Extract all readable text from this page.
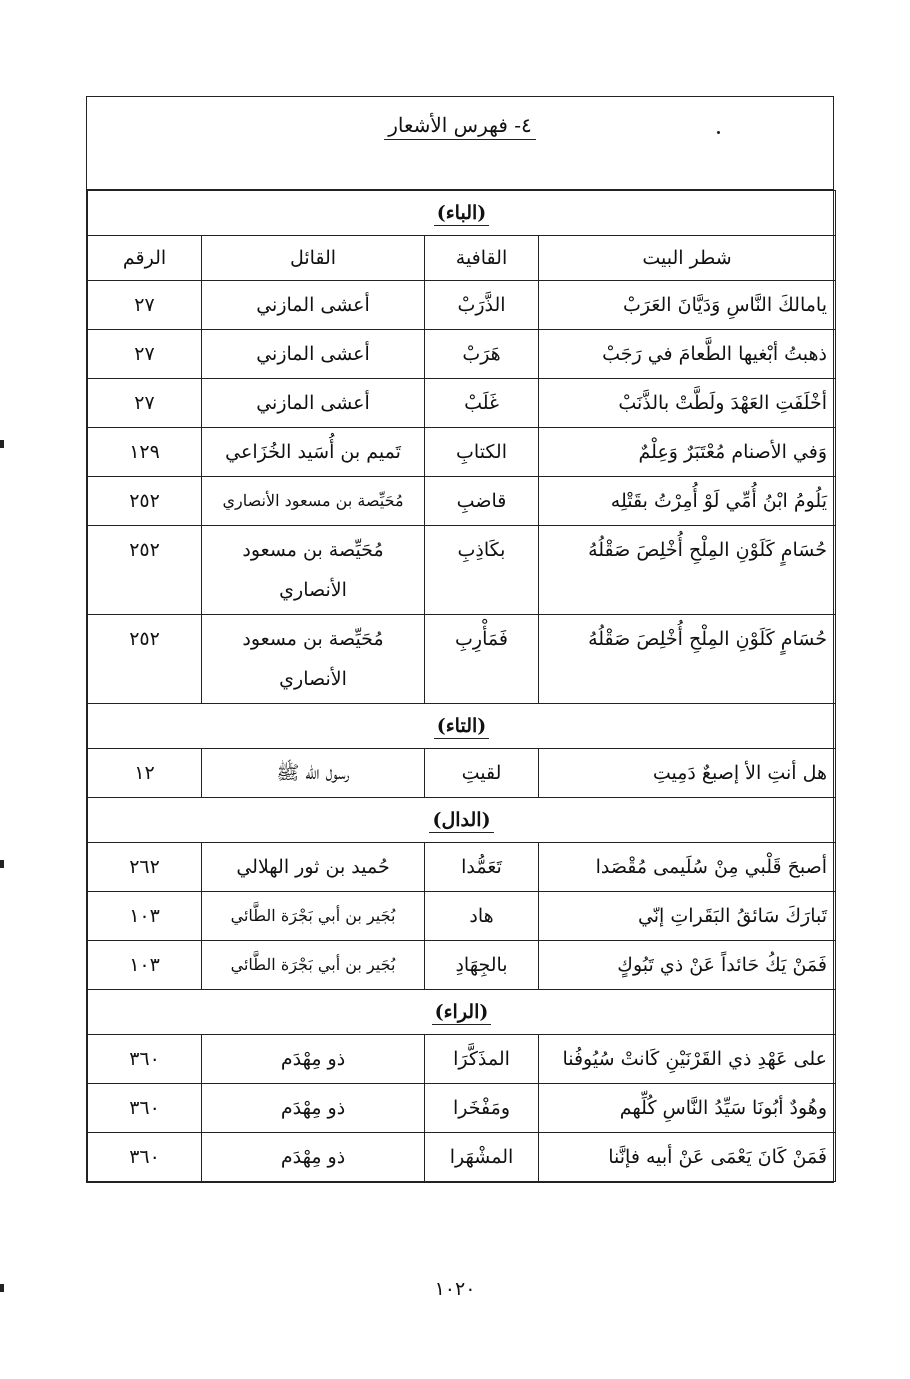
٤- فهرس الأشعار
(الباء)			
شطر البيت	القافية	القائل	الرقم
يامالكَ النَّاسِ وَدَيَّانَ العَرَبْ	الذَّرَبْ	أعشى المازني	٢٧
ذهبتُ أبْغيها الطَّعامَ في رَجَبْ	هَرَبْ	أعشى المازني	٢٧
أخْلَفَتِ العَهْدَ ولَطَّتْ بالذَّنَبْ	غَلَبْ	أعشى المازني	٢٧
وَفي الأصنام مُعْتَبَرٌ وَعِلْمٌ	الكتابِ	تَميم بن أُسَيد الخُزَاعي	١٢٩
يَلُومُ ابْنُ أُمِّي لَوْ أُمِرْتُ بقَتْلِه	قاضبِ	مُحَيِّصة بن مسعود الأنصاري	٢٥٢
حُسَامٍ كَلَوْنِ المِلْحِ أُخْلِصَ صَقْلُهُ	بكَاذِبِ	مُحَيِّصة بن مسعود الأنصاري	٢٥٢
حُسَامٍ كَلَوْنِ المِلْحِ أُخْلِصَ صَقْلُهُ	فَمَأْرِبِ	مُحَيِّصة بن مسعود الأنصاري	٢٥٢
(التاء)			
هل أنتِ الأ إصبعٌ دَمِيتِ	لقيتِ	رسول الله ﷺ	١٢
(الدال)			
أصبحَ قَلْبي مِنْ سُلَيمى مُقْصَدا	تَعَمُّدا	حُميد بن ثور الهلالي	٢٦٢
تَبارَكَ سَائقُ البَقَراتِ إنّي	هاد	بُجَير بن أبي بَجْرَة الطَّائي	١٠٣
فَمَنْ يَكُ حَائداً عَنْ ذي تَبُوكٍ	بالجِهَادِ	بُجَير بن أبي بَجْرَة الطَّائي	١٠٣
(الراء)			
على عَهْدِ ذي القَرْنَيْنِ كَانتْ سُيُوفُنا	المذَكَّرَا	ذو مِهْدَم	٣٦٠
وهُودٌ أبُونَا سَيِّدُ النَّاسِ كُلِّهم	ومَفْخَرا	ذو مِهْدَم	٣٦٠
فَمَنْ كَانَ يَعْمَى عَنْ أبيه فإنَّنا	المشْهَرا	ذو مِهْدَم	٣٦٠
١٠٢٠
